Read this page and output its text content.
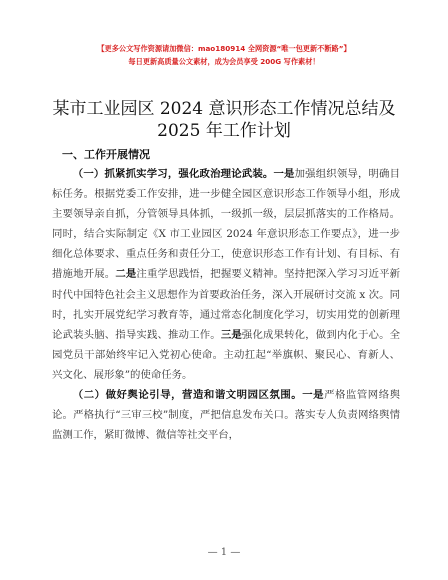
【更多公文写作资源请加微信：mao180914 全网资源“唯一包更新不断路”】
每日更新高质量公文素材，成为会员享受 200G 写作素材！
某市工业园区 2024 意识形态工作情况总结及
2025 年工作计划
一、工作开展情况

（一）抓紧抓实学习，强化政治理论武装。一是加强组织领导，明确目标任务。根据党委工作安排，进一步健全园区意识形态工作领导小组，形成主要领导亲自抓，分管领导具体抓，一级抓一级，层层抓落实的工作格局。同时，结合实际制定《X 市工业园区 2024 年意识形态工作要点》，进一步细化总体要求、重点任务和责任分工，使意识形态工作有计划、有目标、有措施地开展。二是注重学思践悟，把握要义精神。坚持把深入学习习近平新时代中国特色社会主义思想作为首要政治任务，深入开展研讨交流 x 次。同时，扎实开展党纪学习教育等，通过常态化制度化学习，切实用党的创新理论武装头脑、指导实践、推动工作。三是强化成果转化，做到内化于心。全园党员干部始终牢记入党初心使命。主动扛起“举旗帜、聚民心、育新人、兴文化、展形象”的使命任务。

（二）做好舆论引导，营造和谐文明园区氛围。一是严格监管网络舆论。严格执行“三审三校”制度，严把信息发布关口。落实专人负责网络舆情监测工作，紧盯微博、微信等社交平台，

— 1 —
